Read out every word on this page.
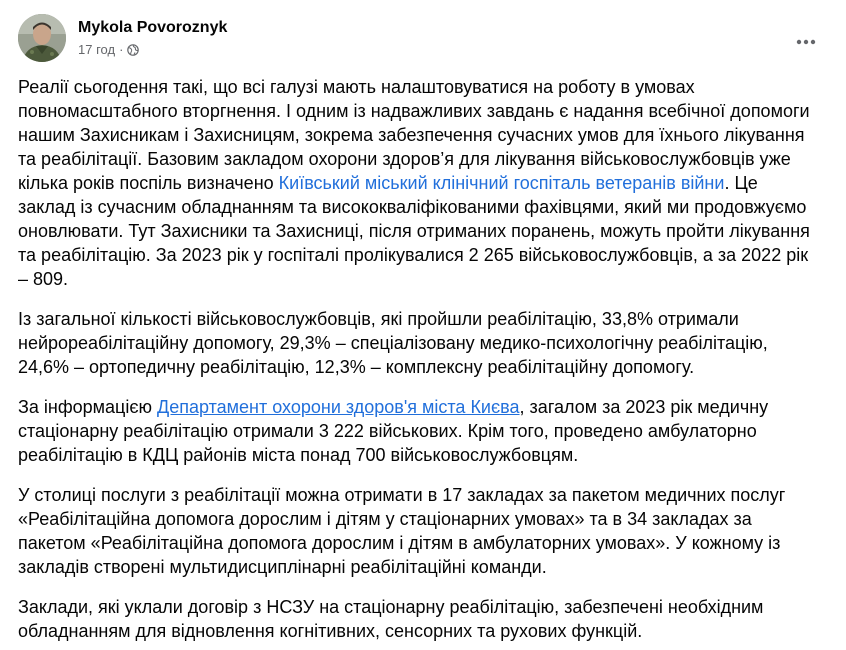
Mykola Povoroznyk
17 год ·

Реалії сьогодення такі, що всі галузі мають налаштовуватися на роботу в умовах повномасштабного вторгнення. І одним із надважливих завдань є надання всебічної допомоги нашим Захисникам і Захисницям, зокрема забезпечення сучасних умов для їхнього лікування та реабілітації. Базовим закладом охорони здоров’я для лікування військовослужбовців уже кілька років поспіль визначено Київський міський клінічний госпіталь ветеранів війни. Це заклад із сучасним обладнанням та висококваліфікованими фахівцями, який ми продовжуємо оновлювати. Тут Захисники та Захисниці, після отриманих поранень, можуть пройти лікування та реабілітацію. За 2023 рік у госпіталі пролікувалися 2 265 військовослужбовців, а за 2022 рік – 809.

Із загальної кількості військовослужбовців, які пройшли реабілітацію, 33,8% отримали нейрореабілітаційну допомогу, 29,3% – спеціалізовану медико-психологічну реабілітацію, 24,6% – ортопедичну реабілітацію, 12,3% – комплексну реабілітаційну допомогу.

За інформацією Департамент охорони здоров'я міста Києва, загалом за 2023 рік медичну стаціонарну реабілітацію отримали 3 222 військових. Крім того, проведено амбулаторно реабілітацію в КДЦ районів міста понад 700 військовослужбовцям.

У столиці послуги з реабілітації можна отримати в 17 закладах за пакетом медичних послуг «Реабілітаційна допомога дорослим і дітям у стаціонарних умовах» та в 34 закладах за пакетом «Реабілітаційна допомога дорослим і дітям в амбулаторних умовах». У кожному із закладів створені мультидисциплінарні реабілітаційні команди.

Заклади, які уклали договір з НСЗУ на стаціонарну реабілітацію, забезпечені необхідним обладнанням для відновлення когнітивних, сенсорних та рухових функцій.
